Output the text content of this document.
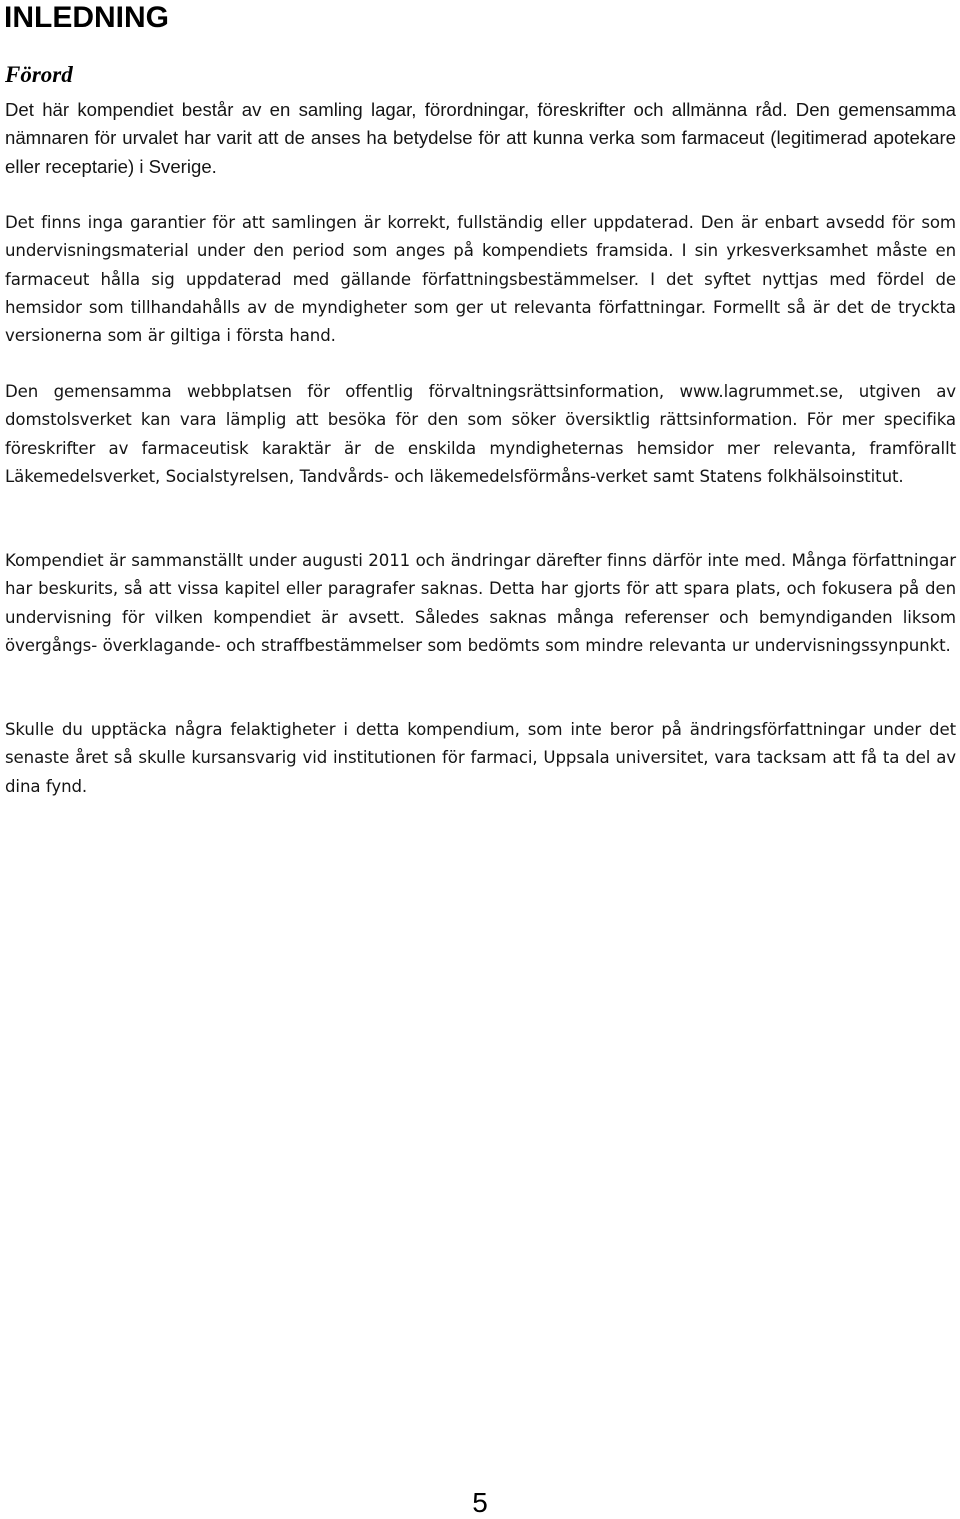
INLEDNING
Förord

Det här kompendiet består av en samling lagar, förordningar, föreskrifter och allmänna råd. Den gemensamma nämnaren för urvalet har varit att de anses ha betydelse för att kunna verka som farmaceut (legitimerad apotekare eller receptarie) i Sverige.

Det finns inga garantier för att samlingen är korrekt, fullständig eller uppdaterad. Den är enbart avsedd för som undervisningsmaterial under den period som anges på kompendiets framsida. I sin yrkesverksamhet måste en farmaceut hålla sig uppdaterad med gällande författningsbestämmelser. I det syftet nyttjas med fördel de hemsidor som tillhandahålls av de myndigheter som ger ut relevanta författningar. Formellt så är det de tryckta versionerna som är giltiga i första hand.

Den gemensamma webbplatsen för offentlig förvaltningsrättsinformation, www.lagrummet.se, utgiven av domstolsverket kan vara lämplig att besöka för den som söker översiktlig rättsinformation. För mer specifika föreskrifter av farmaceutisk karaktär är de enskilda myndigheternas hemsidor mer relevanta, framförallt Läkemedelsverket, Socialstyrelsen, Tandvårds- och läkemedelsförmåns-verket samt Statens folkhälsoinstitut.

Kompendiet är sammanställt under augusti 2011 och ändringar därefter finns därför inte med. Många författningar har beskurits, så att vissa kapitel eller paragrafer saknas. Detta har gjorts för att spara plats, och fokusera på den undervisning för vilken kompendiet är avsett. Således saknas många referenser och bemyndiganden liksom övergångs- överklagande- och straffbestämmelser som bedömts som mindre relevanta ur undervisningssynpunkt.

Skulle du upptäcka några felaktigheter i detta kompendium, som inte beror på ändringsförfattningar under det senaste året så skulle kursansvarig vid institutionen för farmaci, Uppsala universitet, vara tacksam att få ta del av dina fynd.

5
